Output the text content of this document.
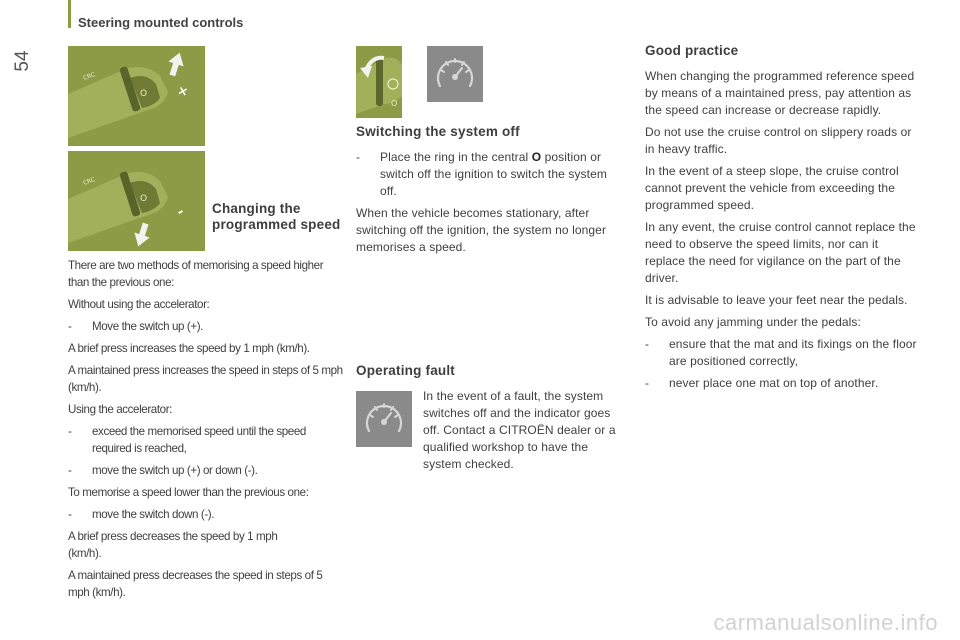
54
Steering mounted controls
O +
CRC
O
-
CRC
Changing the programmed speed

There are two methods of memorising a speed higher than the previous one:

Without using the accelerator:

- Move the switch up (+).

A brief press increases the speed by 1 mph (km/h).

A maintained press increases the speed in steps of 5 mph (km/h).

Using the accelerator:

- exceed the memorised speed until the speed required is reached,
- move the switch up (+) or down (-).

To memorise a speed lower than the previous one:

- move the switch down (-).

A brief press decreases the speed by 1 mph (km/h).

A maintained press decreases the speed in steps of 5 mph (km/h).

O
Switching the system off
- Place the ring in the central O position or switch off the ignition to switch the system off.

When the vehicle becomes stationary, after switching off the ignition, the system no longer memorises a speed.

Operating fault
In the event of a fault, the system switches off and the indicator goes off. Contact a CITROËN dealer or a qualified workshop to have the system checked.
Good practice

When changing the programmed reference speed by means of a maintained press, pay attention as the speed can increase or decrease rapidly.

Do not use the cruise control on slippery roads or in heavy traffic.

In the event of a steep slope, the cruise control cannot prevent the vehicle from exceeding the programmed speed.

In any event, the cruise control cannot replace the need to observe the speed limits, nor can it replace the need for vigilance on the part of the driver.

It is advisable to leave your feet near the pedals.

To avoid any jamming under the pedals:

- ensure that the mat and its fixings on the floor are positioned correctly,
- never place one mat on top of another.
carmanualsonline.info
